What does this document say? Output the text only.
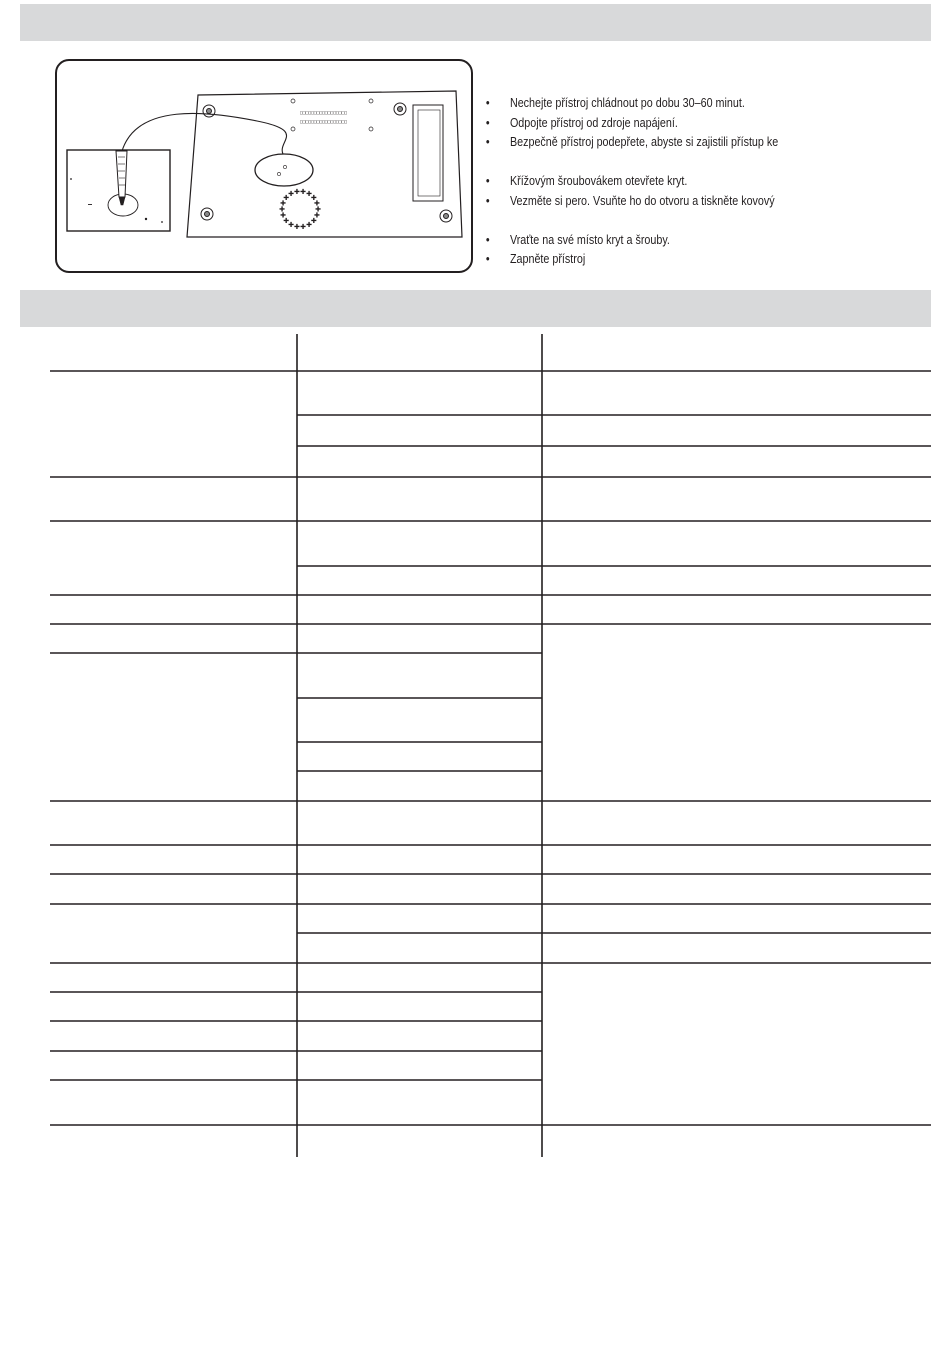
□□□□□□□□□□□□□□□□□
□□□□□□□□□□□□□□□□□
✚
✚
✚
✚
✚
✚
✚
✚
✚
✚
✚
✚
✚ ✚ ✚ ✚
✚
✚
• Nechejte přístroj chládnout po dobu 30–60 minut.
• Odpojte přístroj od zdroje napájení.
• Bezpečně přístroj podepřete, abyste si zajistili přístup ke
• Křížovým šroubovákem otevřete kryt.
• Vezměte si pero. Vsuňte ho do otvoru a tiskněte kovový
• Vraťte na své místo kryt a šrouby.
• Zapněte přístroj
